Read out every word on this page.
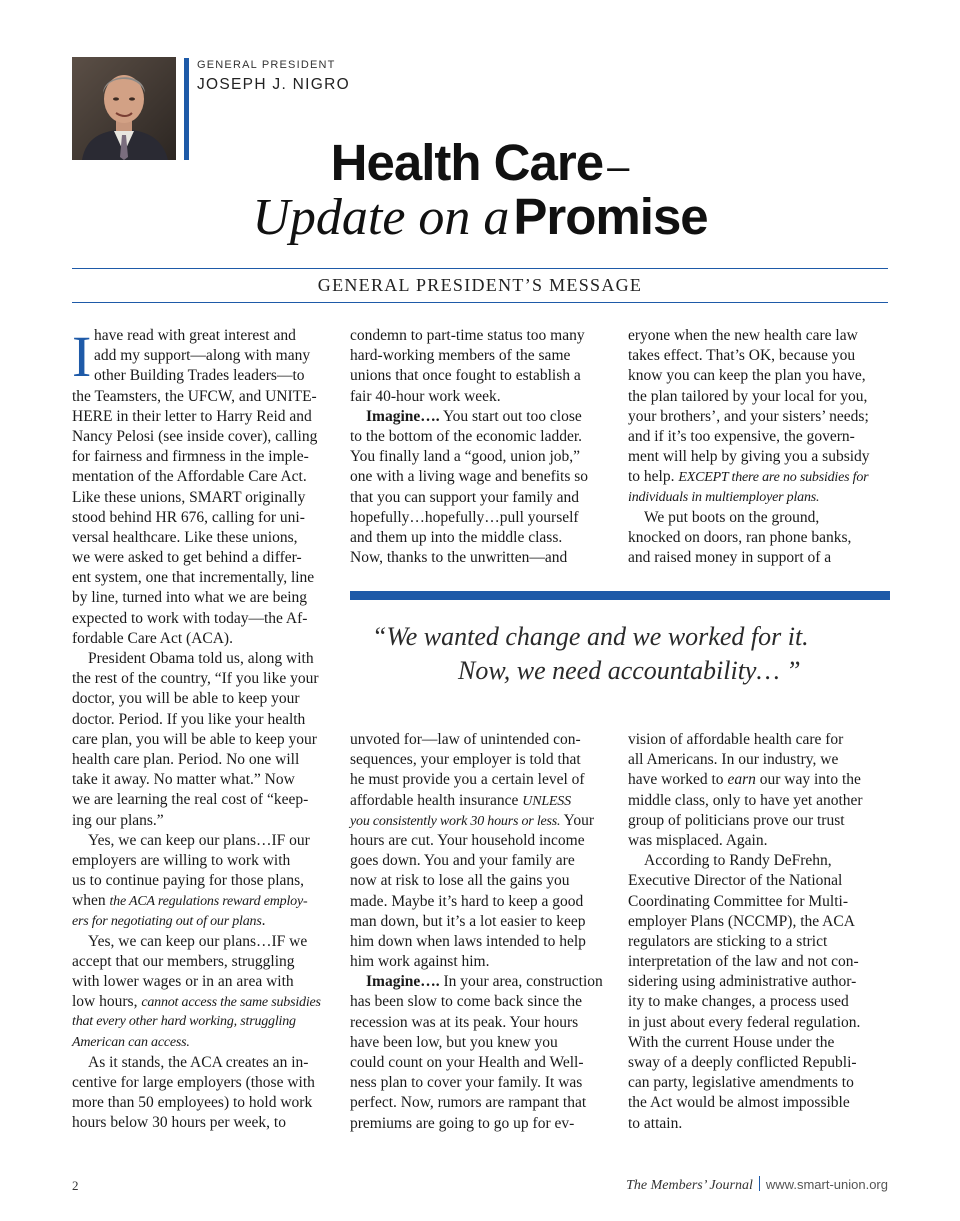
GENERAL PRESIDENT
JOSEPH J. NIGRO
Health Care –
Update on a Promise
GENERAL PRESIDENT’S MESSAGE
I have read with great interest and
add my support—along with many
other Building Trades leaders—to
the Teamsters, the UFCW, and UNITE-
HERE in their letter to Harry Reid and
Nancy Pelosi (see inside cover), calling
for fairness and firmness in the imple-
mentation of the Affordable Care Act.
Like these unions, SMART originally
stood behind HR 676, calling for uni-
versal healthcare. Like these unions,
we were asked to get behind a differ-
ent system, one that incrementally, line
by line, turned into what we are being
expected to work with today—the Af-
fordable Care Act (ACA).
President Obama told us, along with
the rest of the country, “If you like your
doctor, you will be able to keep your
doctor. Period. If you like your health
care plan, you will be able to keep your
health care plan. Period. No one will
take it away. No matter what.” Now
we are learning the real cost of “keep-
ing our plans.”
Yes, we can keep our plans…IF our
employers are willing to work with
us to continue paying for those plans,
when the ACA regulations reward employ-
ers for negotiating out of our plans.
Yes, we can keep our plans…IF we
accept that our members, struggling
with lower wages or in an area with
low hours, cannot access the same subsidies
that every other hard working, struggling
American can access.
As it stands, the ACA creates an in-
centive for large employers (those with
more than 50 employees) to hold work
hours below 30 hours per week, to
condemn to part-time status too many
hard-working members of the same
unions that once fought to establish a
fair 40-hour work week.
Imagine…. You start out too close
to the bottom of the economic ladder.
You finally land a “good, union job,”
one with a living wage and benefits so
that you can support your family and
hopefully…hopefully…pull yourself
and them up into the middle class.
Now, thanks to the unwritten—and
eryone when the new health care law
takes effect. That’s OK, because you
know you can keep the plan you have,
the plan tailored by your local for you,
your brothers’, and your sisters’ needs;
and if it’s too expensive, the govern-
ment will help by giving you a subsidy
to help. EXCEPT there are no subsidies for
individuals in multiemployer plans.
We put boots on the ground,
knocked on doors, ran phone banks,
and raised money in support of a
“We wanted change and we worked for it.
Now, we need accountability… ”
unvoted for—law of unintended con-
sequences, your employer is told that
he must provide you a certain level of
affordable health insurance UNLESS
you consistently work 30 hours or less. Your
hours are cut. Your household income
goes down. You and your family are
now at risk to lose all the gains you
made. Maybe it’s hard to keep a good
man down, but it’s a lot easier to keep
him down when laws intended to help
him work against him.
Imagine…. In your area, construction
has been slow to come back since the
recession was at its peak. Your hours
have been low, but you knew you
could count on your Health and Well-
ness plan to cover your family. It was
perfect. Now, rumors are rampant that
premiums are going to go up for ev-
vision of affordable health care for
all Americans. In our industry, we
have worked to earn our way into the
middle class, only to have yet another
group of politicians prove our trust
was misplaced. Again.
According to Randy DeFrehn,
Executive Director of the National
Coordinating Committee for Multi-
employer Plans (NCCMP), the ACA
regulators are sticking to a strict
interpretation of the law and not con-
sidering using administrative author-
ity to make changes, a process used
in just about every federal regulation.
With the current House under the
sway of a deeply conflicted Republi-
can party, legislative amendments to
the Act would be almost impossible
to attain.
2	The Members’ Journal www.smart-union.org
